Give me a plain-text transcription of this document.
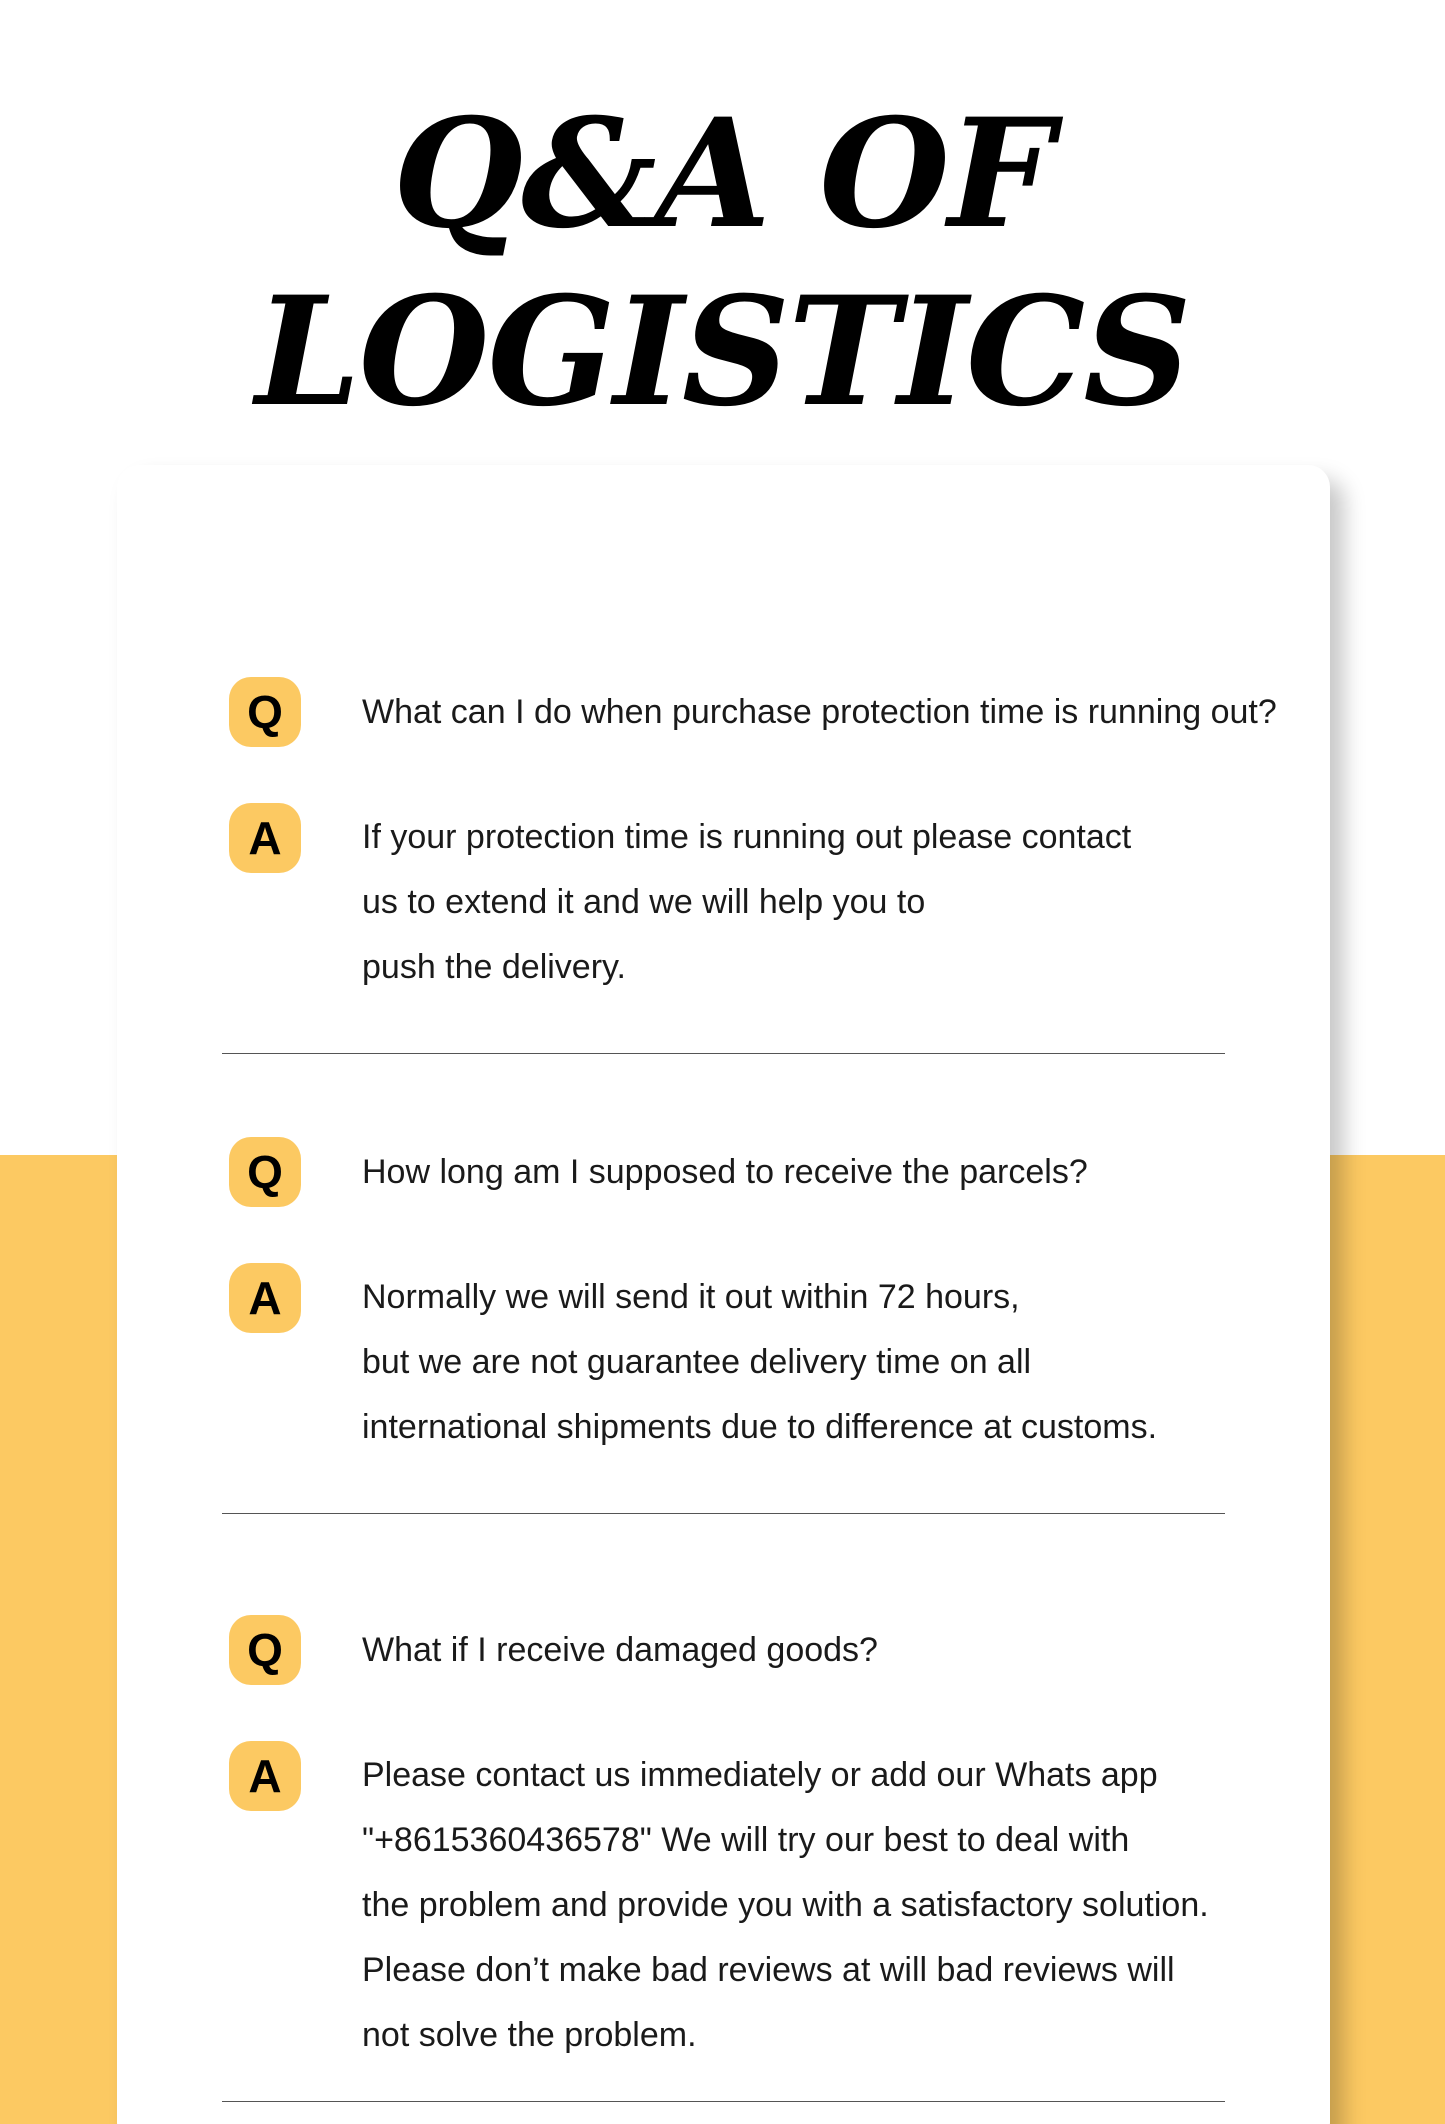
Q&A OF
LOGISTICS
Q	What can I do when purchase protection time is running out?
A	If your protection time is running out please contact
us to extend it and we will help you to
push the delivery.
Q	How long am I supposed to receive the parcels?
A	Normally we will send it out within 72 hours,
but we are not guarantee delivery time on all
international shipments due to difference at customs.
Q	What if I receive damaged goods?
A	Please contact us immediately or add our Whats app
"+8615360436578" We will try our best to deal with
the problem and provide you with a satisfactory solution.
Please don’t make bad reviews at will bad reviews will
not solve the problem.
